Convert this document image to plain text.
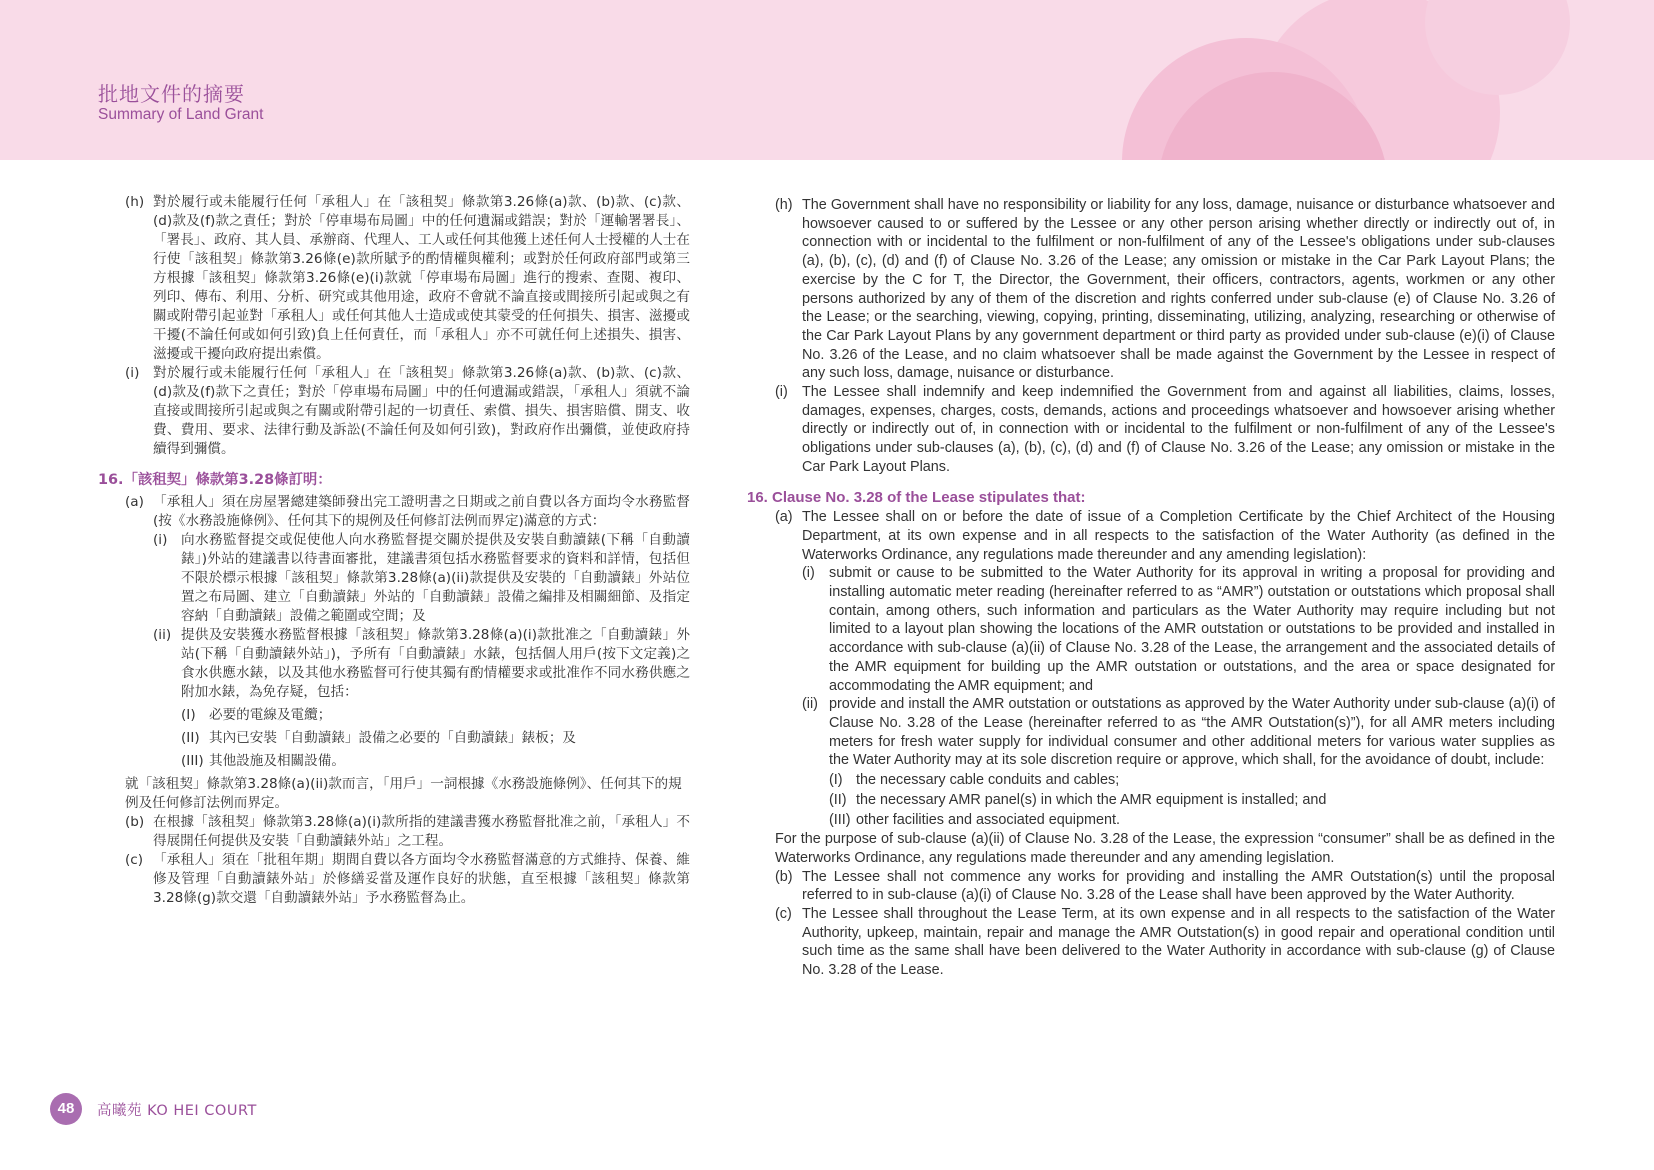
批地文件的摘要
Summary of Land Grant
(h) 對於履行或未能履行任何「承租人」在「該租契」條款第3.26條(a)款、(b)款、(c)款、(d)款及(f)款之責任；對於「停車場布局圖」中的任何遺漏或錯誤；對於「運輸署署長」、「署長」、政府、其人員、承辦商、代理人、工人或任何其他獲上述任何人士授權的人士在行使「該租契」條款第3.26條(e)款所賦予的酌情權與權利；或對於任何政府部門或第三方根據「該租契」條款第3.26條(e)(i)款就「停車場布局圖」進行的搜索、查閱、複印、列印、傳布、利用、分析、研究或其他用途，政府不會就不論直接或間接所引起或與之有關或附帶引起並對「承租人」或任何其他人士造成或使其蒙受的任何損失、損害、滋擾或干擾(不論任何或如何引致)負上任何責任，而「承租人」亦不可就任何上述損失、損害、滋擾或干擾向政府提出索償。
(i)	對於履行或未能履行任何「承租人」在「該租契」條款第3.26條(a)款、(b)款、(c)款、(d)款及(f)款下之責任；對於「停車場布局圖」中的任何遺漏或錯誤，「承租人」須就不論直接或間接所引起或與之有關或附帶引起的一切責任、索償、損失、損害賠償、開支、收費、費用、要求、法律行動及訴訟(不論任何及如何引致)，對政府作出彌償，並使政府持續得到彌償。
16.「該租契」條款第3.28條訂明：
(a) 「承租人」須在房屋署總建築師發出完工證明書之日期或之前自費以各方面均令水務監督(按《水務設施條例》、任何其下的規例及任何修訂法例而界定)滿意的方式：
(i)	向水務監督提交或促使他人向水務監督提交關於提供及安裝自動讀錶(下稱「自動讀錶」)外站的建議書以待書面審批，建議書須包括水務監督要求的資料和詳情，包括但不限於標示根據「該租契」條款第3.28條(a)(ii)款提供及安裝的「自動讀錶」外站位置之布局圖、建立「自動讀錶」外站的「自動讀錶」設備之編排及相關細節、及指定容納「自動讀錶」設備之範圍或空間；及
(ii) 提供及安裝獲水務監督根據「該租契」條款第3.28條(a)(i)款批准之「自動讀錶」外站(下稱「自動讀錶外站」)，予所有「自動讀錶」水錶，包括個人用戶(按下文定義)之食水供應水錶，以及其他水務監督可行使其獨有酌情權要求或批准作不同水務供應之附加水錶，為免存疑，包括：
(I) 必要的電線及電纜；
(II) 其內已安裝「自動讀錶」設備之必要的「自動讀錶」錶板；及
(III) 其他設施及相關設備。
就「該租契」條款第3.28條(a)(ii)款而言，「用戶」一詞根據《水務設施條例》、任何其下的規例及任何修訂法例而界定。
(b) 在根據「該租契」條款第3.28條(a)(i)款所指的建議書獲水務監督批准之前，「承租人」不得展開任何提供及安裝「自動讀錶外站」之工程。
(c) 「承租人」須在「批租年期」期間自費以各方面均令水務監督滿意的方式維持、保養、維修及管理「自動讀錶外站」於修繕妥當及運作良好的狀態，直至根據「該租契」條款第3.28條(g)款交還「自動讀錶外站」予水務監督為止。
(h) The Government shall have no responsibility or liability for any loss, damage, nuisance or disturbance whatsoever and howsoever caused to or suffered by the Lessee or any other person arising whether directly or indirectly out of, in connection with or incidental to the fulfilment or non-fulfilment of any of the Lessee's obligations under sub-clauses (a), (b), (c), (d) and (f) of Clause No. 3.26 of the Lease; any omission or mistake in the Car Park Layout Plans; the exercise by the C for T, the Director, the Government, their officers, contractors, agents, workmen or any other persons authorized by any of them of the discretion and rights conferred under sub-clause (e) of Clause No. 3.26 of the Lease; or the searching, viewing, copying, printing, disseminating, utilizing, analyzing, researching or otherwise of the Car Park Layout Plans by any government department or third party as provided under sub-clause (e)(i) of Clause No. 3.26 of the Lease, and no claim whatsoever shall be made against the Government by the Lessee in respect of any such loss, damage, nuisance or disturbance.
(i) The Lessee shall indemnify and keep indemnified the Government from and against all liabilities, claims, losses, damages, expenses, charges, costs, demands, actions and proceedings whatsoever and howsoever arising whether directly or indirectly out of, in connection with or incidental to the fulfilment or non-fulfilment of any of the Lessee's obligations under sub-clauses (a), (b), (c), (d) and (f) of Clause No. 3.26 of the Lease; any omission or mistake in the Car Park Layout Plans.
16. Clause No. 3.28 of the Lease stipulates that:
(a) The Lessee shall on or before the date of issue of a Completion Certificate by the Chief Architect of the Housing Department, at its own expense and in all respects to the satisfaction of the Water Authority (as defined in the Waterworks Ordinance, any regulations made thereunder and any amending legislation):
(i) submit or cause to be submitted to the Water Authority for its approval in writing a proposal for providing and installing automatic meter reading (hereinafter referred to as “AMR”) outstation or outstations which proposal shall contain, among others, such information and particulars as the Water Authority may require including but not limited to a layout plan showing the locations of the AMR outstation or outstations to be provided and installed in accordance with sub-clause (a)(ii) of Clause No. 3.28 of the Lease, the arrangement and the associated details of the AMR equipment for building up the AMR outstation or outstations, and the area or space designated for accommodating the AMR equipment; and
(ii) provide and install the AMR outstation or outstations as approved by the Water Authority under sub-clause (a)(i) of Clause No. 3.28 of the Lease (hereinafter referred to as “the AMR Outstation(s)”), for all AMR meters including meters for fresh water supply for individual consumer and other additional meters for various water supplies as the Water Authority may at its sole discretion require or approve, which shall, for the avoidance of doubt, include:
(I) the necessary cable conduits and cables;
(II) the necessary AMR panel(s) in which the AMR equipment is installed; and
(III) other facilities and associated equipment.
For the purpose of sub-clause (a)(ii) of Clause No. 3.28 of the Lease, the expression “consumer” shall be as defined in the Waterworks Ordinance, any regulations made thereunder and any amending legislation.
(b) The Lessee shall not commence any works for providing and installing the AMR Outstation(s) until the proposal referred to in sub-clause (a)(i) of Clause No. 3.28 of the Lease shall have been approved by the Water Authority.
(c) The Lessee shall throughout the Lease Term, at its own expense and in all respects to the satisfaction of the Water Authority, upkeep, maintain, repair and manage the AMR Outstation(s) in good repair and operational condition until such time as the same shall have been delivered to the Water Authority in accordance with sub-clause (g) of Clause No. 3.28 of the Lease.
48	高曦苑 KO HEI COURT
